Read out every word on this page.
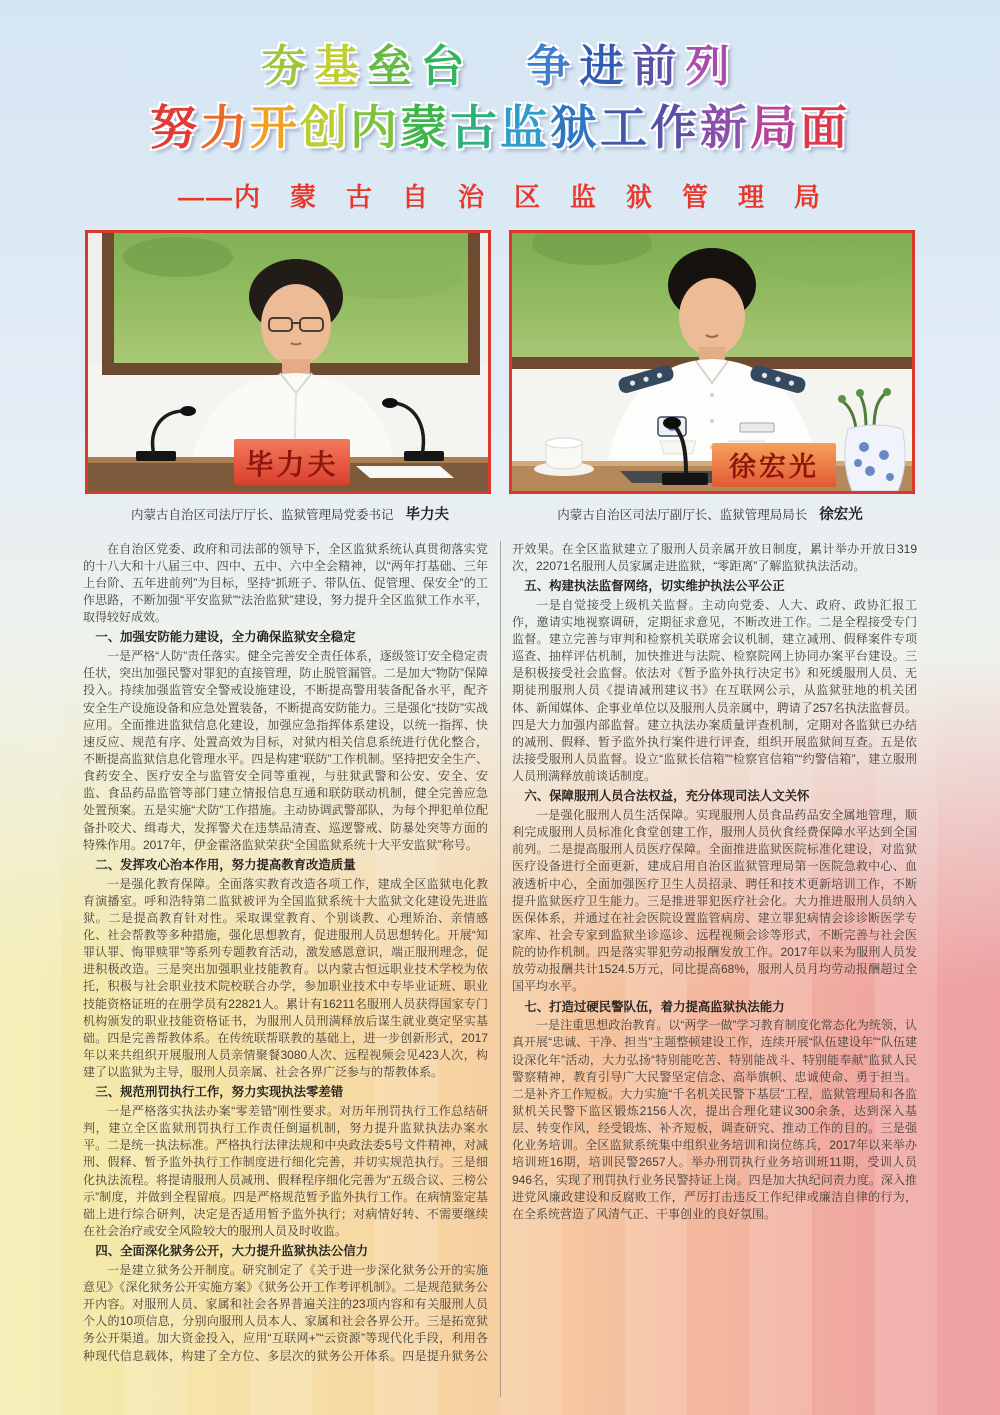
夯基垒台　 争进前列
努力开创内蒙古监狱工作新局面
——内　蒙　古　自　治　区　监　狱　管　理　局
毕力夫	徐宏光
内蒙古自治区司法厅厅长、监狱管理局党委书记 毕力夫	内蒙古自治区司法厅副厅长、监狱管理局局长 徐宏光

在自治区党委、政府和司法部的领导下，全区监狱系统认真贯彻落实党的十八大和十八届三中、四中、五中、六中全会精神，以“两年打基础、三年上台阶、五年进前列”为目标，坚持“抓班子、带队伍、促管理、保安全”的工作思路，不断加强“平安监狱”“法治监狱”建设，努力提升全区监狱工作水平，取得较好成效。

一、加强安防能力建设，全力确保监狱安全稳定

一是严格“人防”责任落实。健全完善安全责任体系，逐级签订安全稳定责任状，突出加强民警对罪犯的直接管理，防止脱管漏管。二是加大“物防”保障投入。持续加强监管安全警戒设施建设，不断提高警用装备配备水平，配齐安全生产设施设备和应急处置装备，不断提高安防能力。三是强化“技防”实战应用。全面推进监狱信息化建设，加强应急指挥体系建设，以统一指挥、快速反应、规范有序、处置高效为目标，对狱内相关信息系统进行优化整合，不断提高监狱信息化管理水平。四是构建“联防”工作机制。坚持把安全生产、食药安全、医疗安全与监管安全同等重视，与驻狱武警和公安、安全、安监、食品药品监管等部门建立情报信息互通和联防联动机制，健全完善应急处置预案。五是实施“犬防”工作措施。主动协调武警部队，为每个押犯单位配备扑咬犬、缉毒犬，发挥警犬在违禁品清查、巡逻警戒、防暴处突等方面的特殊作用。2017年，伊金霍洛监狱荣获“全国监狱系统十大平安监狱”称号。

二、发挥攻心治本作用，努力提高教育改造质量

一是强化教育保障。全面落实教育改造各项工作，建成全区监狱电化教育演播室。呼和浩特第二监狱被评为全国监狱系统十大监狱文化建设先进监狱。二是提高教育针对性。采取课堂教育、个别谈教、心理矫治、亲情感化、社会帮教等多种措施，强化思想教育，促进服刑人员思想转化。开展“知罪认罪、悔罪赎罪”等系列专题教育活动，激发感恩意识，端正服刑理念，促进积极改造。三是突出加强职业技能教育。以内蒙古恒远职业技术学校为依托，积极与社会职业技术院校联合办学，参加职业技术中专毕业证班、职业技能资格证班的在册学员有22821人。累计有16211名服刑人员获得国家专门机构颁发的职业技能资格证书，为服刑人员刑满释放后谋生就业奠定坚实基础。四是完善帮教体系。在传统联帮联教的基础上，进一步创新形式，2017年以来共组织开展服刑人员亲情聚餐3080人次、远程视频会见423人次，构建了以监狱为主导，服刑人员亲属、社会各界广泛参与的帮教体系。

三、规范刑罚执行工作，努力实现执法零差错

一是严格落实执法办案“零差错”刚性要求。对历年刑罚执行工作总结研判，建立全区监狱刑罚执行工作责任倒逼机制，努力提升监狱执法办案水平。二是统一执法标准。严格执行法律法规和中央政法委5号文件精神，对减刑、假释、暂予监外执行工作制度进行细化完善，并切实规范执行。三是细化执法流程。将提请服刑人员减刑、假释程序细化完善为“五级合议、三榜公示”制度，并做到全程留痕。四是严格规范暂予监外执行工作。在病情鉴定基础上进行综合研判，决定是否适用暂予监外执行；对病情好转、不需要继续在社会治疗或安全风险较大的服刑人员及时收监。

四、全面深化狱务公开，大力提升监狱执法公信力

一是建立狱务公开制度。研究制定了《关于进一步深化狱务公开的实施意见》《深化狱务公开实施方案》《狱务公开工作考评机制》。二是规范狱务公开内容。对服刑人员、家属和社会各界普遍关注的23项内容和有关服刑人员个人的10项信息，分别向服刑人员本人、家属和社会各界公开。三是拓宽狱务公开渠道。加大资金投入，应用“互联网+”“云资源”等现代化手段，利用各种现代信息载体，构建了全方位、多层次的狱务公开体系。四是提升狱务公开效果。在全区监狱建立了服刑人员亲属开放日制度，累计举办开放日319次，22071名服刑人员家属走进监狱，“零距离”了解监狱执法活动。

五、构建执法监督网络，切实维护执法公平公正

一是自觉接受上级机关监督。主动向党委、人大、政府、政协汇报工作，邀请实地视察调研，定期征求意见，不断改进工作。二是全程接受专门监督。建立完善与审判和检察机关联席会议机制，建立减刑、假释案件专项巡查、抽样评估机制，加快推进与法院、检察院网上协同办案平台建设。三是积极接受社会监督。依法对《暂予监外执行决定书》和死缓服刑人员、无期徒刑服刑人员《提请减刑建议书》在互联网公示，从监狱驻地的机关团体、新闻媒体、企事业单位以及服刑人员亲属中，聘请了257名执法监督员。四是大力加强内部监督。建立执法办案质量评查机制，定期对各监狱已办结的减刑、假释、暂予监外执行案件进行评查，组织开展监狱间互查。五是依法接受服刑人员监督。设立“监狱长信箱”“检察官信箱”“约警信箱”，建立服刑人员刑满释放前谈话制度。

六、保障服刑人员合法权益，充分体现司法人文关怀

一是强化服刑人员生活保障。实现服刑人员食品药品安全属地管理，顺利完成服刑人员标准化食堂创建工作，服刑人员伙食经费保障水平达到全国前列。二是提高服刑人员医疗保障。全面推进监狱医院标准化建设，对监狱医疗设备进行全面更新，建成启用自治区监狱管理局第一医院急救中心、血液透析中心，全面加强医疗卫生人员招录、聘任和技术更新培训工作，不断提升监狱医疗卫生能力。三是推进罪犯医疗社会化。大力推进服刑人员纳入医保体系，并通过在社会医院设置监管病房、建立罪犯病情会诊诊断医学专家库、社会专家到监狱坐诊巡诊、远程视频会诊等形式，不断完善与社会医院的协作机制。四是落实罪犯劳动报酬发放工作。2017年以来为服刑人员发放劳动报酬共计1524.5万元，同比提高68%，服刑人员月均劳动报酬超过全国平均水平。

七、打造过硬民警队伍，着力提高监狱执法能力

一是注重思想政治教育。以“两学一做”学习教育制度化常态化为统领，认真开展“忠诚、干净、担当”主题整顿建设工作，连续开展“队伍建设年”“队伍建设深化年”活动，大力弘扬“特别能吃苦、特别能战斗、特别能奉献”监狱人民警察精神，教育引导广大民警坚定信念、高举旗帜、忠诚使命、勇于担当。二是补齐工作短板。大力实施“千名机关民警下基层”工程，监狱管理局和各监狱机关民警下监区锻炼2156人次，提出合理化建议300余条，达到深入基层、转变作风，经受锻炼、补齐短板，调查研究、推动工作的目的。三是强化业务培训。全区监狱系统集中组织业务培训和岗位练兵，2017年以来举办培训班16期，培训民警2657人。举办刑罚执行业务培训班11期，受训人员946名，实现了刑罚执行业务民警持证上岗。四是加大执纪问责力度。深入推进党风廉政建设和反腐败工作，严厉打击违反工作纪律或廉洁自律的行为，在全系统营造了风清气正、干事创业的良好氛围。
